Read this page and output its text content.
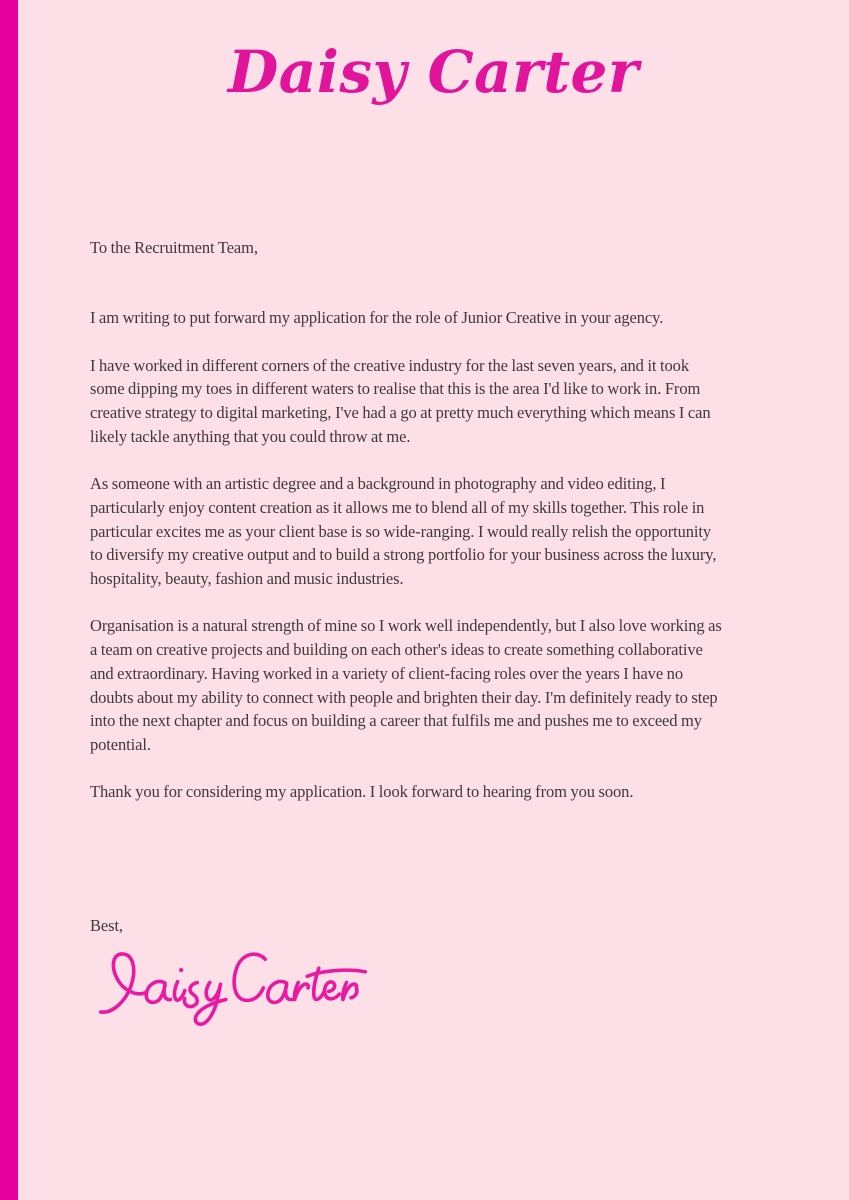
Daisy Carter

To the Recruitment Team,

I am writing to put forward my application for the role of Junior Creative in your agency.

I have worked in different corners of the creative industry for the last seven years, and it took some dipping my toes in different waters to realise that this is the area I'd like to work in. From creative strategy to digital marketing, I've had a go at pretty much everything which means I can likely tackle anything that you could throw at me.

As someone with an artistic degree and a background in photography and video editing, I particularly enjoy content creation as it allows me to blend all of my skills together. This role in particular excites me as your client base is so wide-ranging. I would really relish the opportunity to diversify my creative output and to build a strong portfolio for your business across the luxury, hospitality, beauty, fashion and music industries.

Organisation is a natural strength of mine so I work well independently, but I also love working as a team on creative projects and building on each other's ideas to create something collaborative and extraordinary. Having worked in a variety of client-facing roles over the years I have no doubts about my ability to connect with people and brighten their day. I'm definitely ready to step into the next chapter and focus on building a career that fulfils me and pushes me to exceed my potential.

Thank you for considering my application. I look forward to hearing from you soon.

Best,
